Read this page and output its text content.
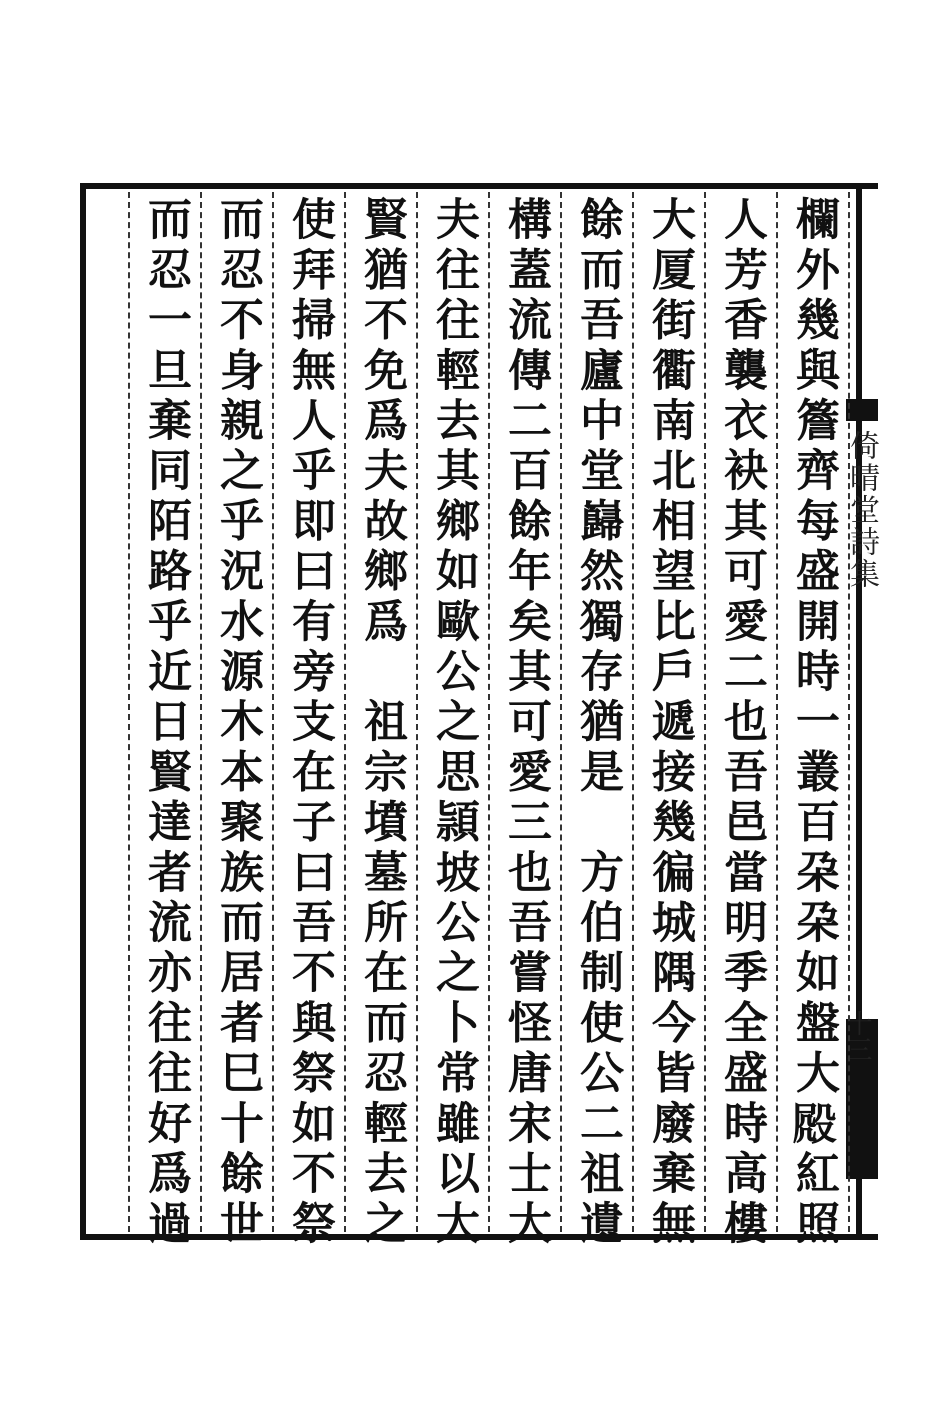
倚晴堂詩集
十三
欄外幾與簷齊每盛開時一叢百朶朶如盤大𣪍紅照
人芳香襲衣袂其可愛二也吾邑當明季全盛時高樓
大厦街衢南北相望比戶遞接幾徧城隅今皆廢棄無
餘而吾廬中堂巋然獨存猶是　方伯制使公二祖遺
構蓋流傳二百餘年矣其可愛三也吾嘗怪唐宋士大
夫往往輕去其鄉如歐公之思頴坡公之卜常雖以大
賢猶不免爲夫故鄉爲　祖宗墳墓所在而忍輕去之
使拜掃無人乎即曰有旁支在子曰吾不與祭如不祭
而忍不身親之乎況水源木本聚族而居者巳十餘世
而忍一旦棄同陌路乎近日賢達者流亦往往好爲過
